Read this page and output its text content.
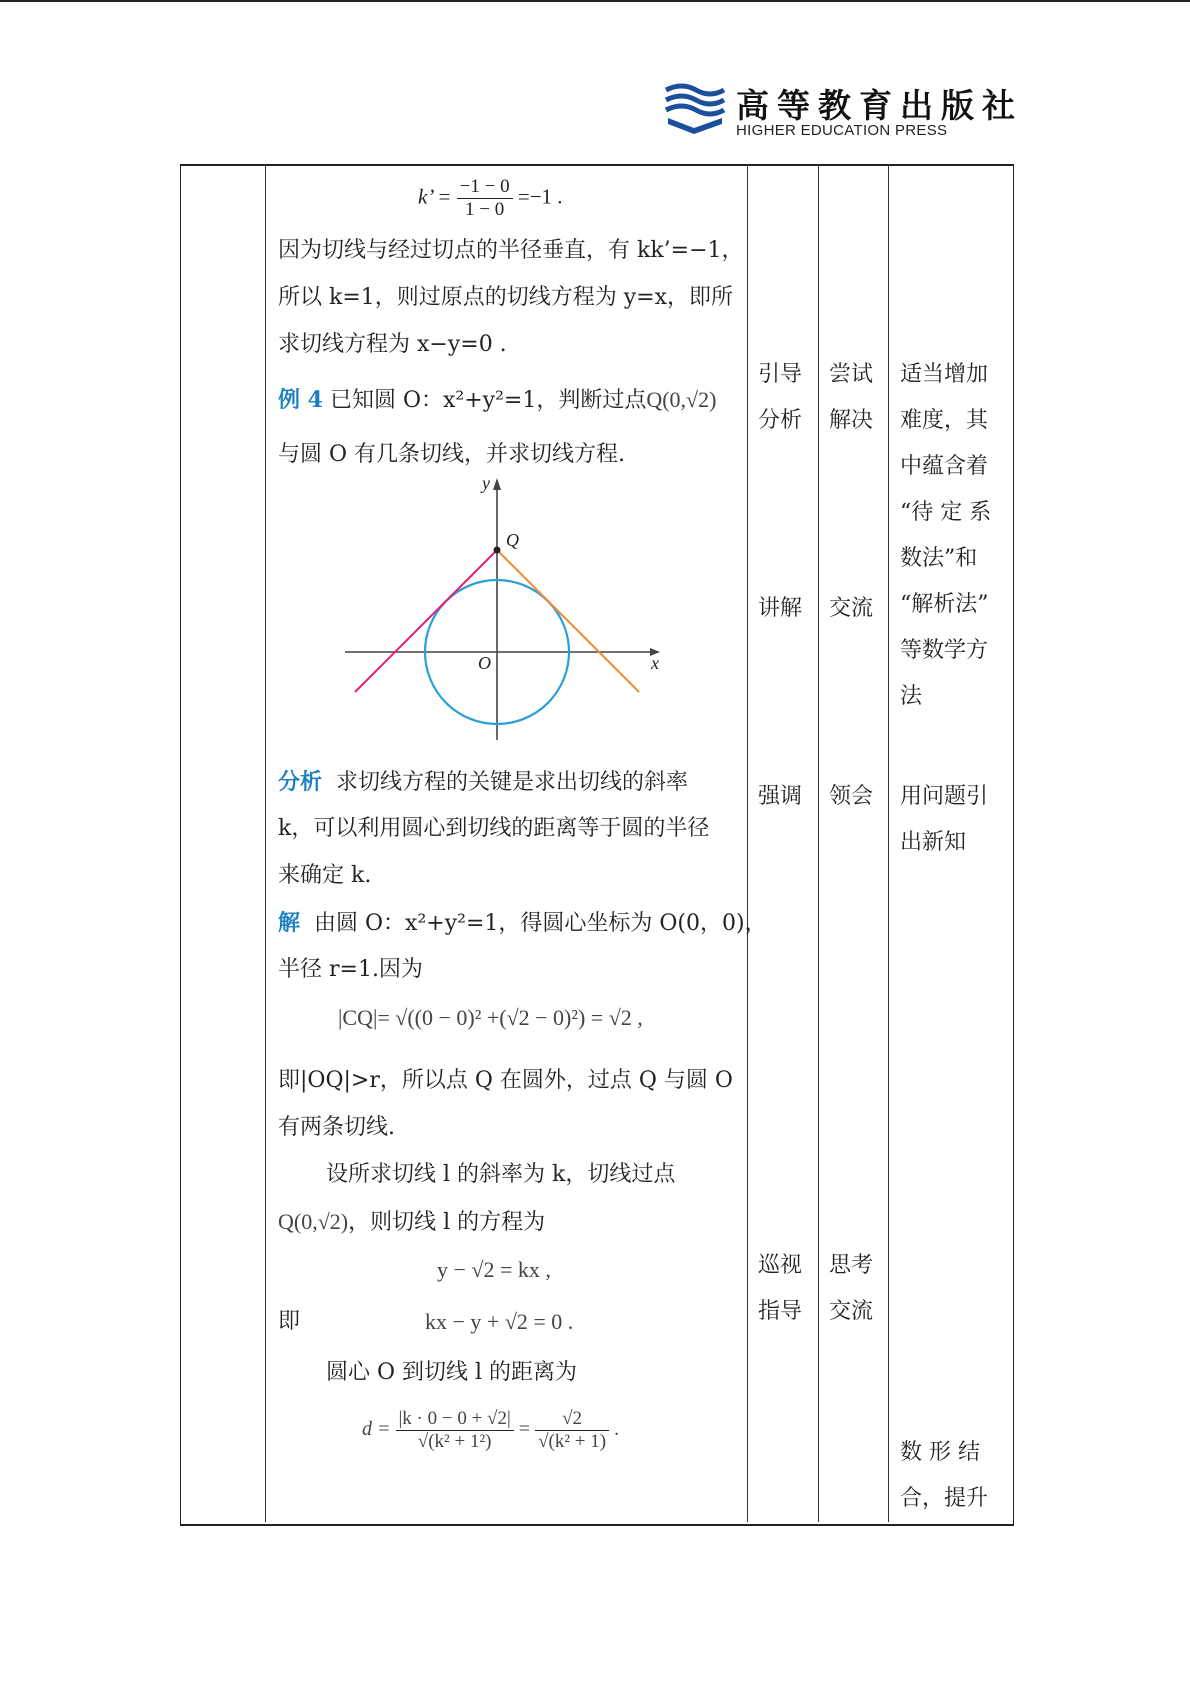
高等教育出版社
HIGHER EDUCATION PRESS
k’ = $\frac{-1 - 0}{1 - 0} =-1$ .
因为切线与经过切点的半径垂直，有 kk’=−1，
所以 k=1，则过原点的切线方程为 y=x，即所
求切线方程为 x−y=0 .
例 4 已知圆 O：x²+y²=1，判断过点Q(0,√2)
与圆 O 有几条切线，并求切线方程.
y
x
O
Q
分析 求切线方程的关键是求出切线的斜率
k，可以利用圆心到切线的距离等于圆的半径
来确定 k.
解 由圆 O：x²+y²=1，得圆心坐标为 O(0，0)，
半径 r=1.因为
|CQ|= √((0 − 0)² +(√2 − 0)²) = √2 ,
即|OQ|>r，所以点 Q 在圆外，过点 Q 与圆 O
有两条切线.
设所求切线 l 的斜率为 k，切线过点
Q(0,√2)，则切线 l 的方程为
y − √2 = kx ,
即	kx − y + √2 = 0 .
圆心 O 到切线 l 的距离为
$d = \frac{|k \cdot 0 - 0 + √2|}{\text{√(k² + 1²)}} = \frac{√2}{\text{√(k² + 1)}}$ .
引导
分析
讲解
强调
巡视
指导
尝试
解决
交流
领会
思考
交流
适当增加
难度，其
中蕴含着
“待 定 系
数法”和
“解析法”
等数学方
法
用问题引
出新知
数 形 结
合，提升
